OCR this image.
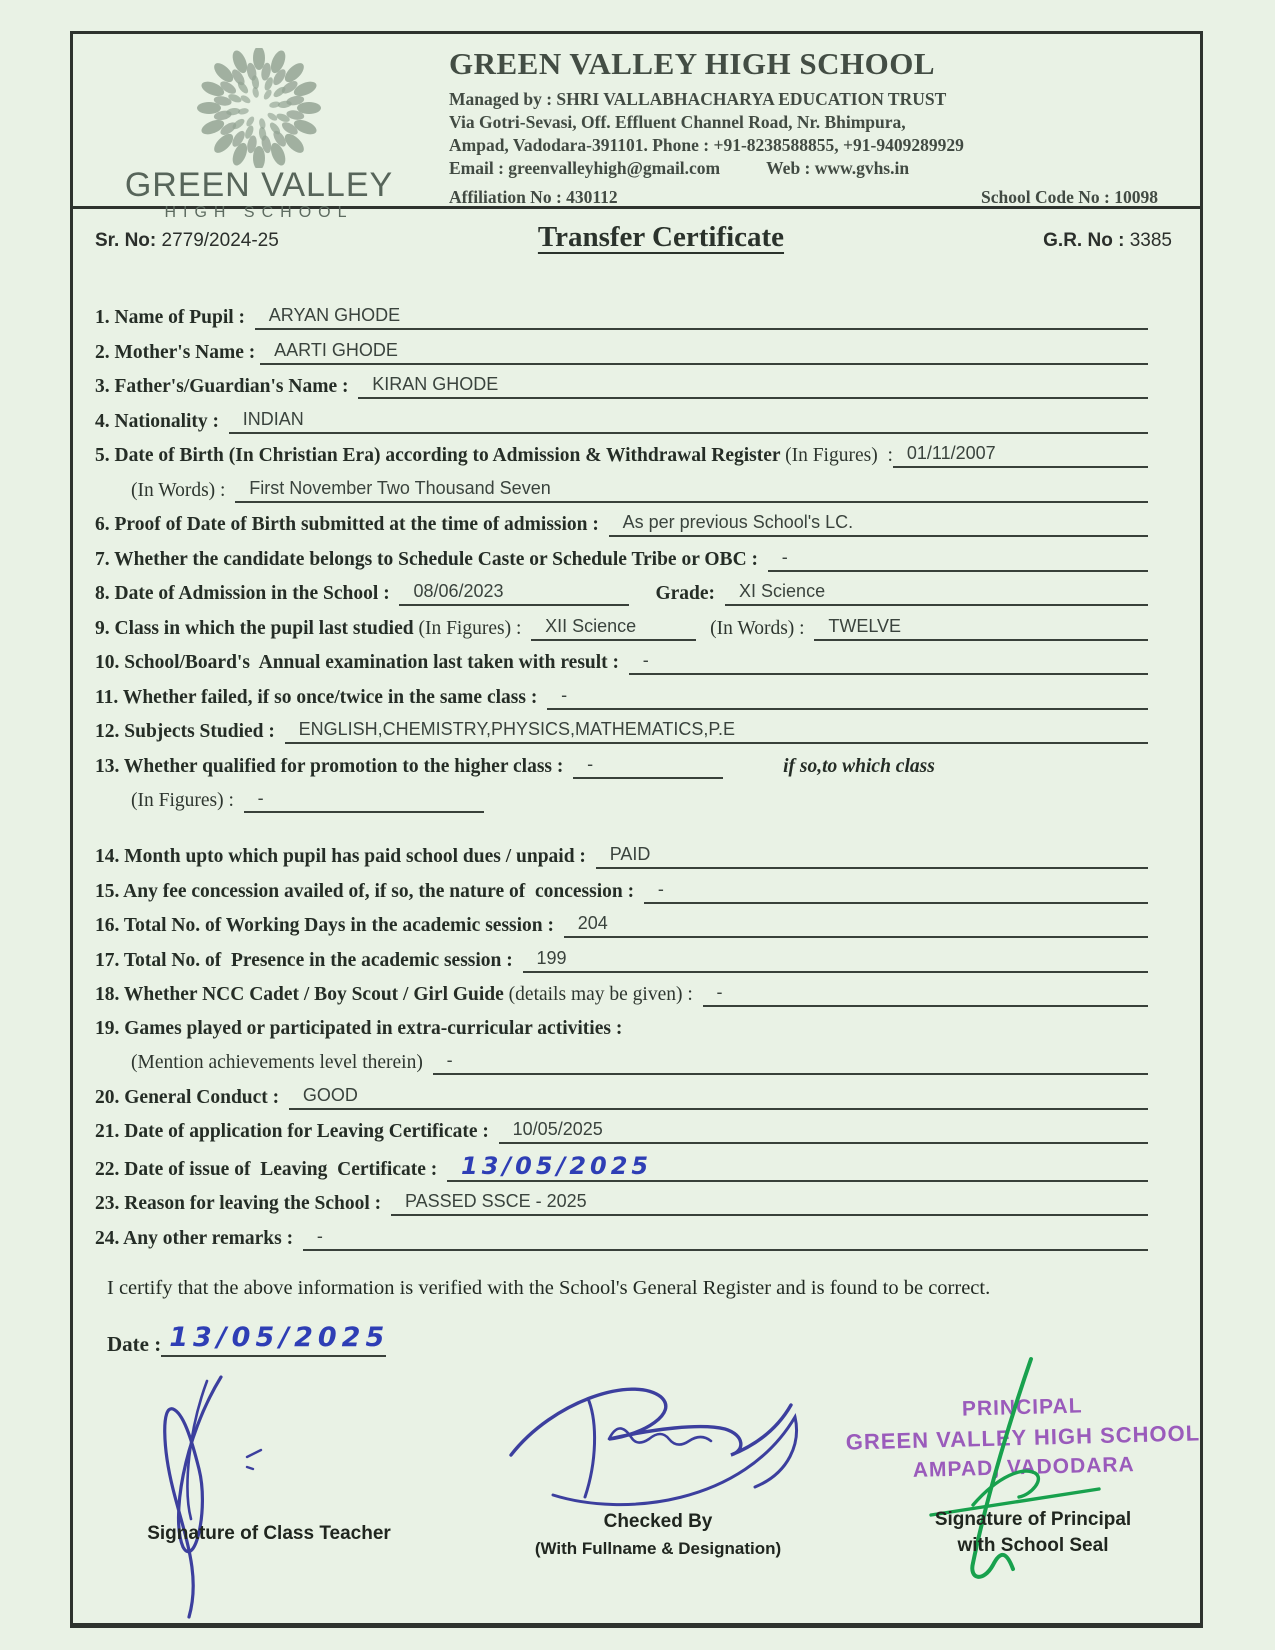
GREEN VALLEY
HIGH SCHOOL
GREEN VALLEY HIGH SCHOOL
Managed by : SHRI VALLABHACHARYA EDUCATION TRUST
Via Gotri-Sevasi, Off. Effluent Channel Road, Nr. Bhimpura,
Ampad, Vadodara-391101. Phone : +91-8238588855, +91-9409289929
Email : greenvalleyhigh@gmail.com	Web : www.gvhs.in
Affiliation No : 430112	School Code No : 10098
Sr. No: 2779/2024-25	Transfer Certificate	G.R. No : 3385
1. Name of Pupil : ARYAN GHODE
2. Mother's Name : AARTI GHODE
3. Father's/Guardian's Name : KIRAN GHODE
4. Nationality : INDIAN
5. Date of Birth (In Christian Era) according to Admission & Withdrawal Register (In Figures)  : 01/11/2007
(In Words) : First November Two Thousand Seven
6. Proof of Date of Birth submitted at the time of admission : As per previous School's LC.
7. Whether the candidate belongs to Schedule Caste or Schedule Tribe or OBC : -
8. Date of Admission in the School : 08/06/2023	Grade:	XI Science
9. Class in which the pupil last studied (In Figures) : XII Science	(In Words) : TWELVE
10. School/Board's  Annual examination last taken with result : -
11. Whether failed, if so once/twice in the same class : -
12. Subjects Studied : ENGLISH,CHEMISTRY,PHYSICS,MATHEMATICS,P.E
13. Whether qualified for promotion to the higher class : -	if so,to which class
(In Figures) : -
14. Month upto which pupil has paid school dues / unpaid : PAID
15. Any fee concession availed of, if so, the nature of  concession : -
16. Total No. of Working Days in the academic session : 204
17. Total No. of  Presence in the academic session : 199
18. Whether NCC Cadet / Boy Scout / Girl Guide (details may be given) : -
19. Games played or participated in extra-curricular activities :
(Mention achievements level therein) -
20. General Conduct : GOOD
21. Date of application for Leaving Certificate : 10/05/2025
22. Date of issue of  Leaving  Certificate : 13/05/2025
23. Reason for leaving the School : PASSED SSCE - 2025
24. Any other remarks : -
I certify that the above information is verified with the School's General Register and is found to be correct.
Date : 13/05/2025
Signature of Class Teacher
Checked By
(With Fullname & Designation)
PRINCIPAL
GREEN VALLEY HIGH SCHOOL
AMPAD, VADODARA
Signature of Principal
with School Seal
